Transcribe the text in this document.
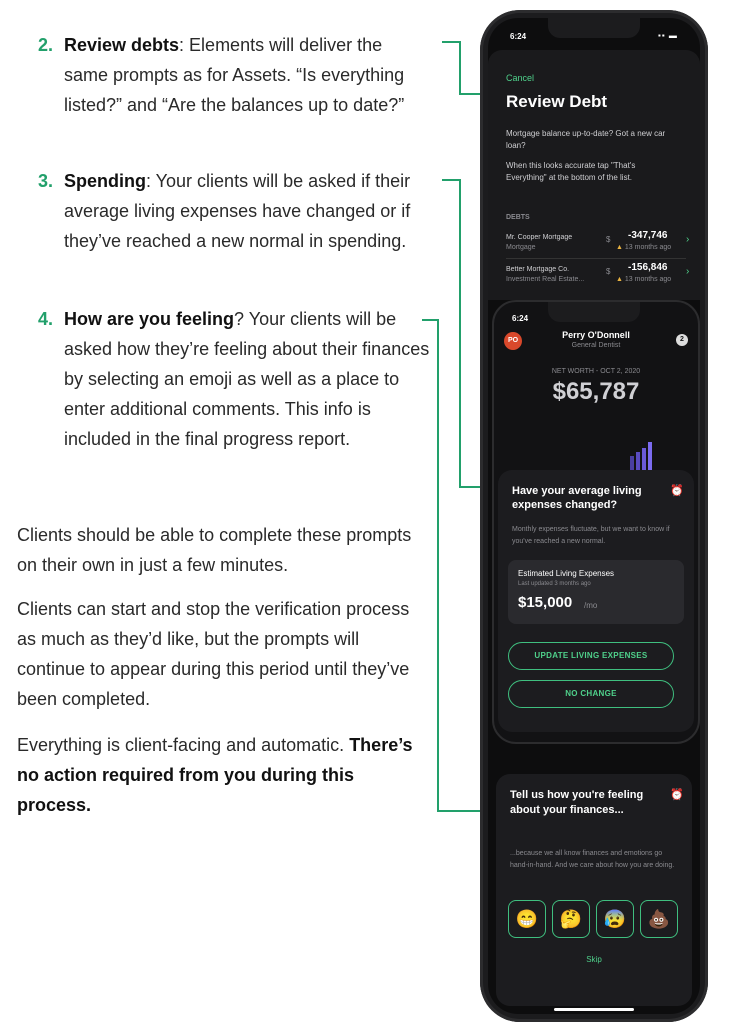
2. Review debts: Elements will deliver the same prompts as for Assets. “Is everything listed?” and “Are the balances up to date?”
3. Spending: Your clients will be asked if their average living expenses have changed or if they’ve reached a new normal in spending.
4. How are you feeling? Your clients will be asked how they’re feeling about their finances by selecting an emoji as well as a place to enter additional comments. This info is included in the final progress report.
Clients should be able to complete these prompts on their own in just a few minutes.
Clients can start and stop the verification process as much as they’d like, but the prompts will continue to appear during this period until they’ve been completed.
Everything is client-facing and automatic. There’s no action required from you during this process.
6:24	▪▪ ▬
Cancel
Review Debt
Mortgage balance up-to-date? Got a new car loan?
When this looks accurate tap "That's Everything" at the bottom of the list.
DEBTS
Mr. Cooper Mortgage
Mortgage
$ -347,746
▲ 13 months ago
›
Better Mortgage Co.
Investment Real Estate...
$ -156,846
▲ 13 months ago
›
6:24
PO
Perry O'Donnell
General Dentist
2
NET WORTH - OCT 2, 2020
$65,787
Have your average living expenses changed?
⏰
Monthly expenses fluctuate, but we want to know if you've reached a new normal.
Estimated Living Expenses
Last updated 3 months ago
$15,000 /mo
UPDATE LIVING EXPENSES
NO CHANGE
Tell us how you're feeling about your finances...
⏰
...because we all know finances and emotions go hand-in-hand. And we care about how you are doing.
😁	🤔	😰	💩
Skip
